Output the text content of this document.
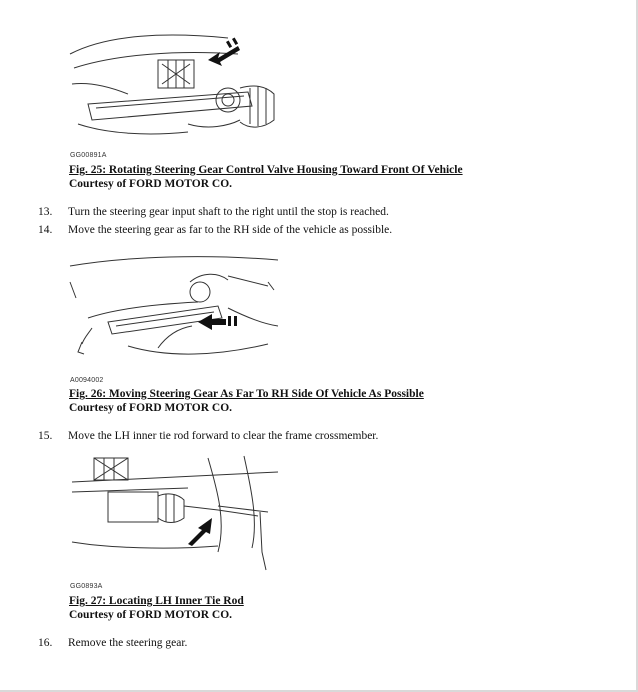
GG00891A
Fig. 25: Rotating Steering Gear Control Valve Housing Toward Front Of Vehicle
Courtesy of FORD MOTOR CO.
13. Turn the steering gear input shaft to the right until the stop is reached.
14. Move the steering gear as far to the RH side of the vehicle as possible.
A0094002
Fig. 26: Moving Steering Gear As Far To RH Side Of Vehicle As Possible
Courtesy of FORD MOTOR CO.
15. Move the LH inner tie rod forward to clear the frame crossmember.
GG0893A
Fig. 27: Locating LH Inner Tie Rod
Courtesy of FORD MOTOR CO.
16. Remove the steering gear.
